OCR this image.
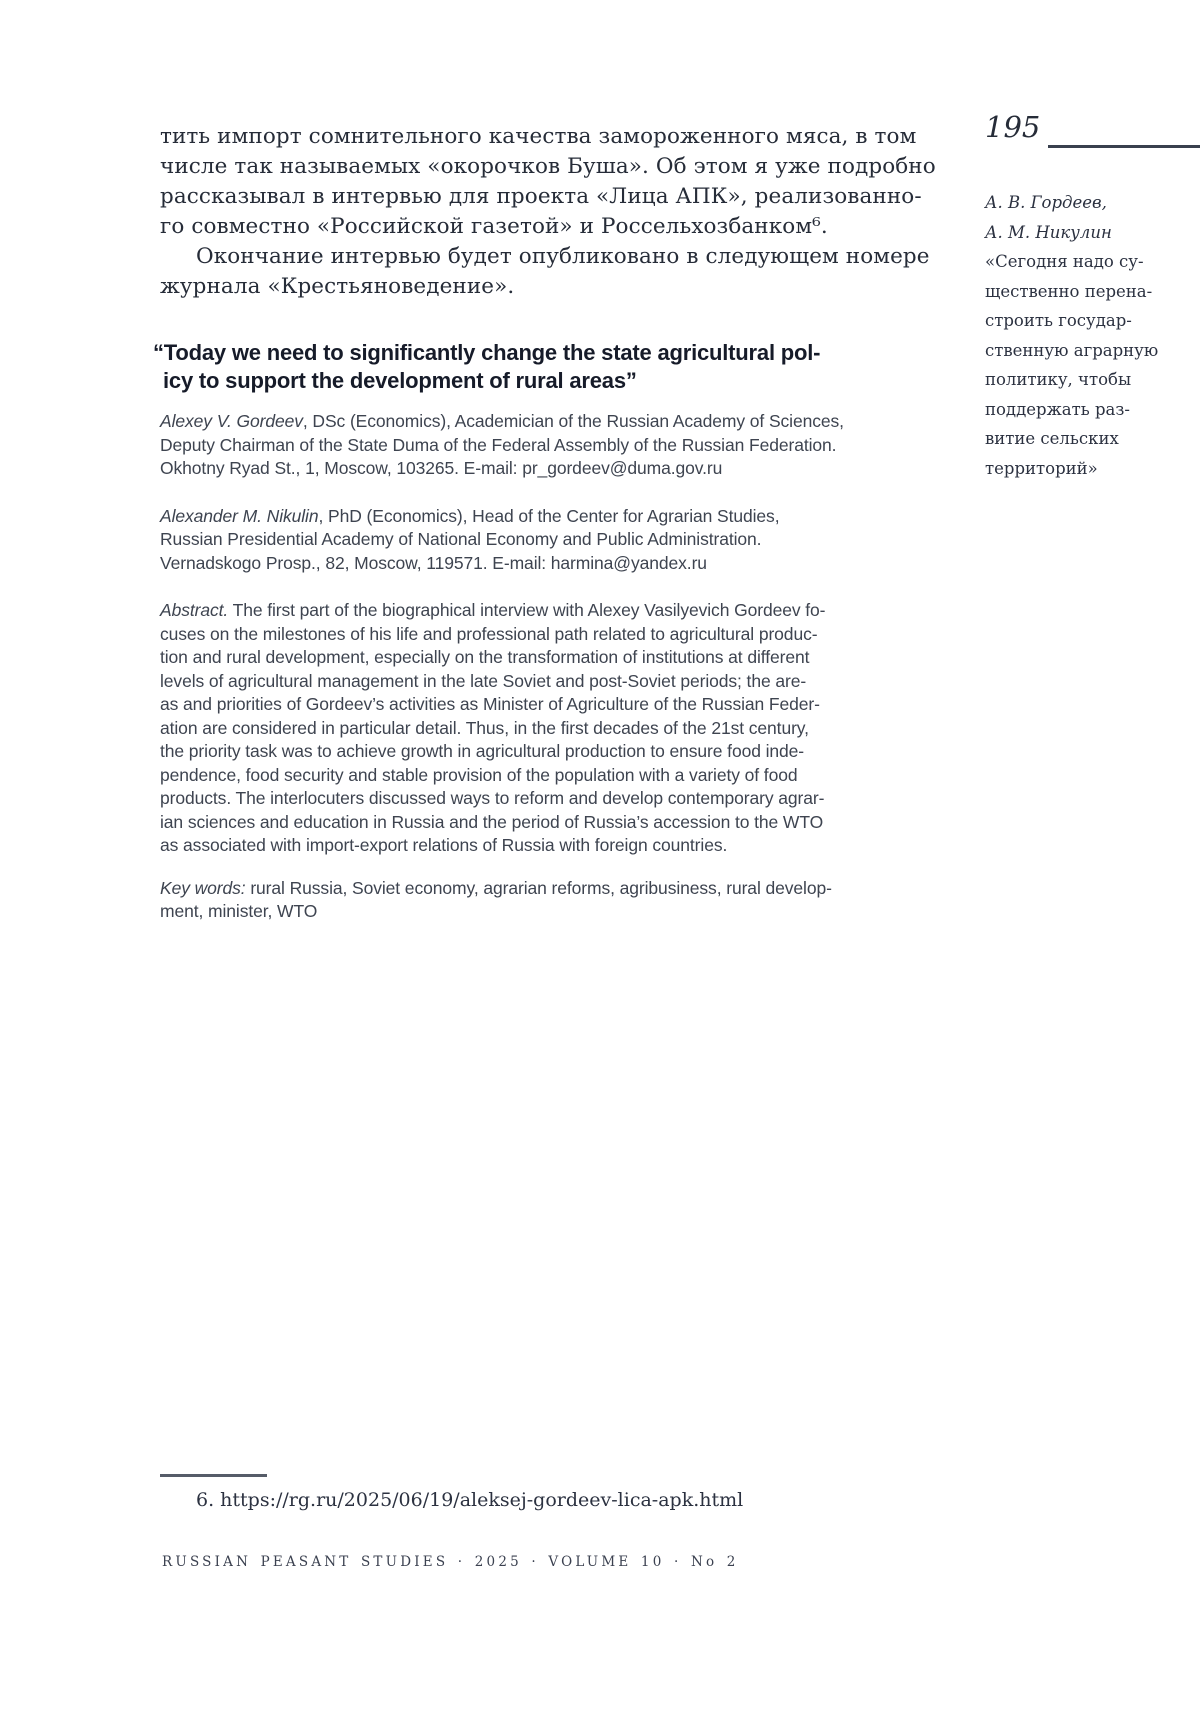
тить импорт сомнительного качества замороженного мяса, в том
числе так называемых «окорочков Буша». Об этом я уже подробно
рассказывал в интервью для проекта «Лица АПК», реализованно-
го совместно «Российской газетой» и Россельхозбанком⁶.

Окончание интервью будет опубликовано в следующем номере
журнала «Крестьяноведение».

“Today we need to significantly change the state agricultural pol-
icy to support the development of rural areas”

Alexey V. Gordeev, DSc (Economics), Academician of the Russian Academy of Sciences,
Deputy Chairman of the State Duma of the Federal Assembly of the Russian Federation.
Okhotny Ryad St., 1, Moscow, 103265. E-mail: pr_gordeev@duma.gov.ru

Alexander M. Nikulin, PhD (Economics), Head of the Center for Agrarian Studies,
Russian Presidential Academy of National Economy and Public Administration.
Vernadskogo Prosp., 82, Moscow, 119571. E-mail: harmina@yandex.ru

Abstract. The first part of the biographical interview with Alexey Vasilyevich Gordeev fo-
cuses on the milestones of his life and professional path related to agricultural produc-
tion and rural development, especially on the transformation of institutions at different
levels of agricultural management in the late Soviet and post-Soviet periods; the are-
as and priorities of Gordeev’s activities as Minister of Agriculture of the Russian Feder-
ation are considered in particular detail. Thus, in the first decades of the 21st century,
the priority task was to achieve growth in agricultural production to ensure food inde-
pendence, food security and stable provision of the population with a variety of food
products. The interlocuters discussed ways to reform and develop contemporary agrar-
ian sciences and education in Russia and the period of Russia’s accession to the WTO
as associated with import-export relations of Russia with foreign countries.

Key words: rural Russia, Soviet economy, agrarian reforms, agribusiness, rural develop-
ment, minister, WTO

195
А. В. Гордеев,
А. М. Никулин
«Сегодня надо су-
щественно перена-
строить государ-
ственную аграрную
политику, чтобы
поддержать раз-
витие сельских
территорий»

6. https://rg.ru/2025/06/19/aleksej-gordeev-lica-apk.html

RUSSIAN PEASANT STUDIES · 2025 · VOLUME 10 · No 2
